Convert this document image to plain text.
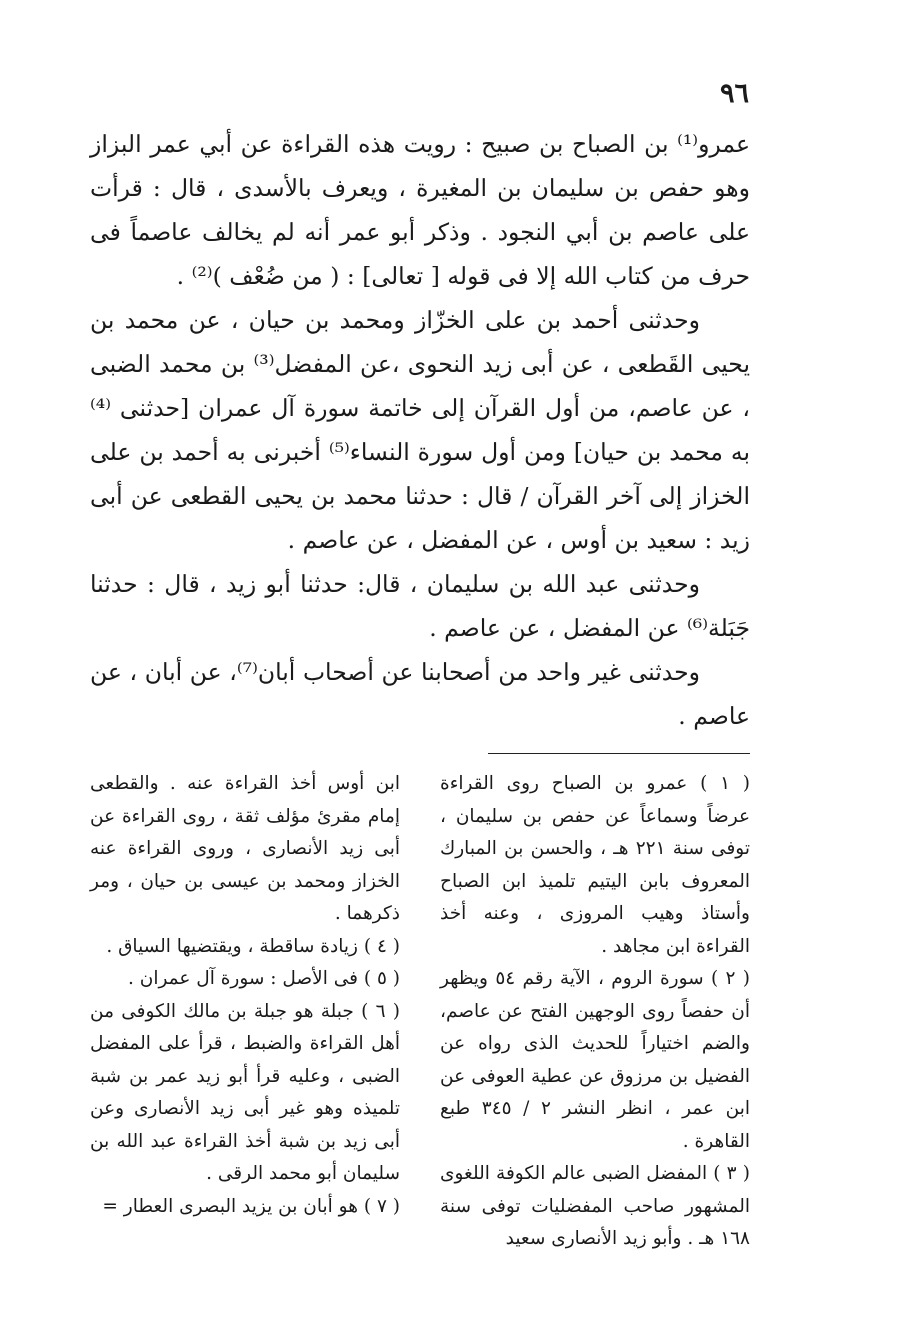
٩٦

عمرو⁽¹⁾ بن الصباح بن صبيح : رويت هذه القراءة عن أبي عمر البزاز وهو حفص بن سليمان بن المغيرة ، ويعرف بالأسدى ، قال : قرأت على عاصم بن أبي النجود . وذكر أبو عمر أنه لم يخالف عاصماً فى حرف من كتاب الله إلا فى قوله [ تعالى] : ( من ضُعْف )⁽²⁾ .

وحدثنى أحمد بن على الخزّاز ومحمد بن حيان ، عن محمد بن يحيى القَطعى ، عن أبى زيد النحوى ،عن المفضل⁽³⁾ بن محمد الضبى ، عن عاصم، من أول القرآن إلى خاتمة سورة آل عمران [حدثنى ⁽⁴⁾ به محمد بن حيان] ومن أول سورة النساء⁽⁵⁾ أخبرنى به أحمد بن على الخزاز إلى آخر القرآن / قال : حدثنا محمد بن يحيى القطعى عن أبى زيد : سعيد بن أوس ، عن المفضل ، عن عاصم .

وحدثنى عبد الله بن سليمان ، قال: حدثنا أبو زيد ، قال : حدثنا جَبَلة⁽⁶⁾ عن المفضل ، عن عاصم .

وحدثنى غير واحد من أصحابنا عن أصحاب أبان⁽⁷⁾، عن أبان ، عن عاصم .

( ١ ) عمرو بن الصباح روى القراءة عرضاً وسماعاً عن حفص بن سليمان ، توفى سنة ٢٢١ هـ ، والحسن بن المبارك المعروف بابن اليتيم تلميذ ابن الصباح وأستاذ وهيب المروزى ، وعنه أخذ القراءة ابن مجاهد .

( ٢ ) سورة الروم ، الآية رقم ٥٤ ويظهر أن حفصاً روى الوجهين الفتح عن عاصم، والضم اختياراً للحديث الذى رواه عن الفضيل بن مرزوق عن عطية العوفى عن ابن عمر ، انظر النشر ٢ / ٣٤٥ طبع القاهرة .

( ٣ ) المفضل الضبى عالم الكوفة اللغوى المشهور صاحب المفضليات توفى سنة ١٦٨ هـ . وأبو زيد الأنصارى سعيد

ابن أوس أخذ القراءة عنه . والقطعى إمام مقرئ مؤلف ثقة ، روى القراءة عن أبى زيد الأنصارى ، وروى القراءة عنه الخزاز ومحمد بن عيسى بن حيان ، ومر ذكرهما .

( ٤ ) زيادة ساقطة ، ويقتضيها السياق .

( ٥ ) فى الأصل : سورة آل عمران .

( ٦ ) جبلة هو جبلة بن مالك الكوفى من أهل القراءة والضبط ، قرأ على المفضل الضبى ، وعليه قرأ أبو زيد عمر بن شبة تلميذه وهو غير أبى زيد الأنصارى وعن أبى زيد بن شبة أخذ القراءة عبد الله بن سليمان أبو محمد الرقى .

( ٧ ) هو أبان بن يزيد البصرى العطار =
